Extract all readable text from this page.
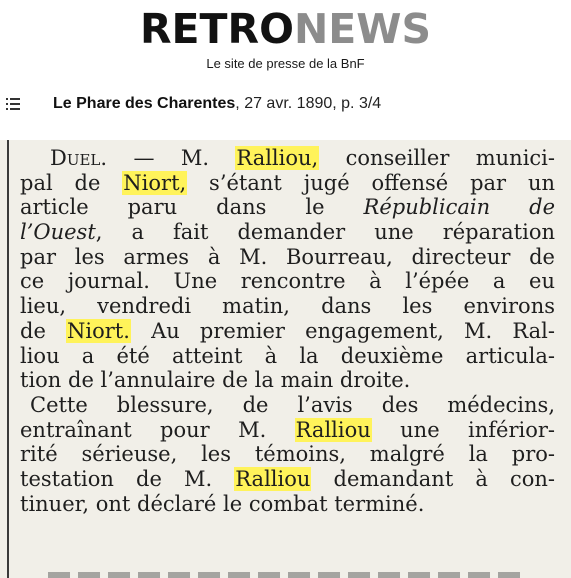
RETRONEWS
Le site de presse de la BnF
Le Phare des Charentes, 27 avr. 1890, p. 3/4
Duel. — M. Ralliou, conseiller munici-
pal de Niort, s’étant jugé offensé par un
article paru dans le Républicain de
l’Ouest, a fait demander une réparation
par les armes à M. Bourreau, directeur de
ce journal. Une rencontre à l’épée a eu
lieu, vendredi matin, dans les environs
de Niort. Au premier engagement, M. Ral-
liou a été atteint à la deuxième articula-
tion de l’annulaire de la main droite.
Cette blessure, de l’avis des médecins,
entraînant pour M. Ralliou une inférior-
rité sérieuse, les témoins, malgré la pro-
testation de M. Ralliou demandant à con-
tinuer, ont déclaré le combat terminé.
